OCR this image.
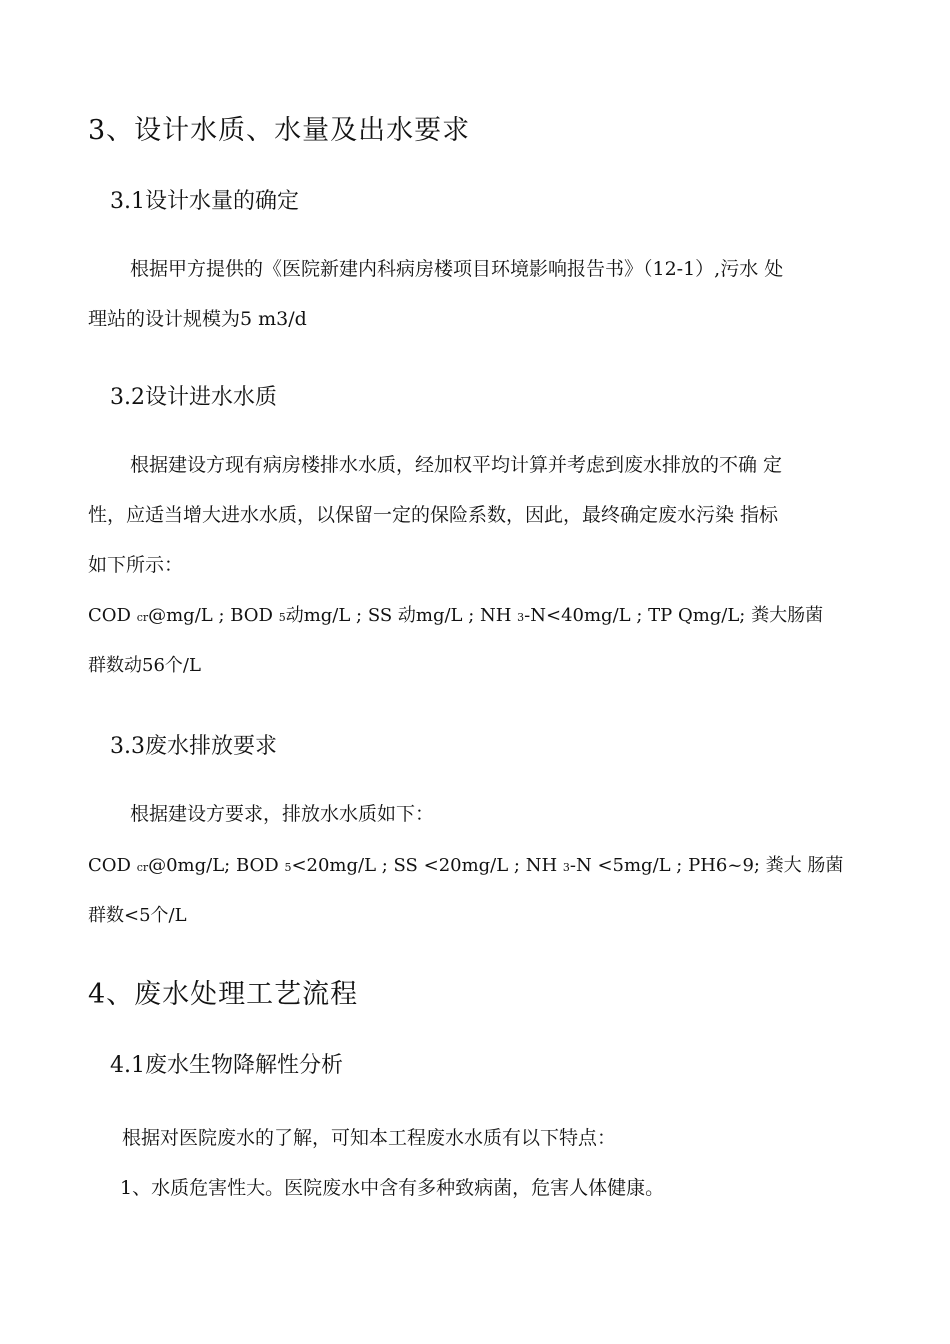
3、设计水质、水量及出水要求
3.1设计水量的确定
根据甲方提供的《医院新建内科病房楼项目环境影响报告书》（12-1）,污水 处
理站的设计规模为5 m3/d
3.2设计进水水质
根据建设方现有病房楼排水水质，经加权平均计算并考虑到废水排放的不确 定
性，应适当增大进水水质，以保留一定的保险系数，因此，最终确定废水污染 指标
如下所示：
COD cr@mg/L ; BOD 5动mg/L ; SS 动mg/L ; NH 3-N<40mg/L ; TP Qmg/L; 粪大肠菌
群数动56个/L
3.3废水排放要求
根据建设方要求，排放水水质如下：
COD cr@0mg/L; BOD 5<20mg/L ; SS <20mg/L ; NH 3-N <5mg/L ; PH6~9; 粪大 肠菌
群数<5个/L
4、废水处理工艺流程
4.1废水生物降解性分析
根据对医院废水的了解，可知本工程废水水质有以下特点：
1、水质危害性大。医院废水中含有多种致病菌，危害人体健康。
